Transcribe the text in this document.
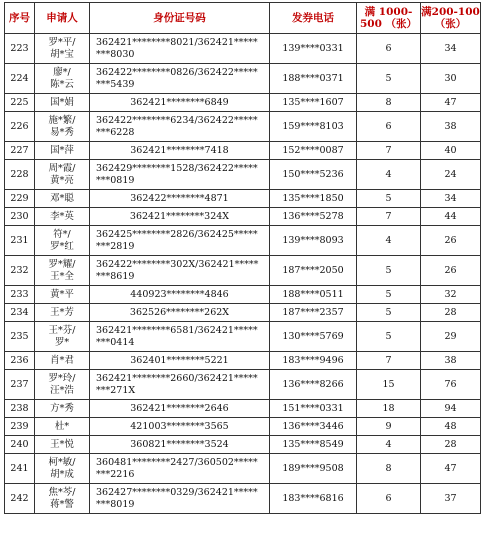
序号	申请人	身份证号码	发券电话	满 1000-500 （张）	满200-100 （张）
223	罗*平/
胡*宝	362421********8021/362421*****
***8030	139****0331	6	34
224	廖*/
陈*云	362422********0826/362422*****
***5439	188****0371	5	30
225	国*娟	362421********6849	135****1607	8	47
226	施*繁/
易*秀	362422********6234/362422*****
***6228	159****8103	6	38
227	国*萍	362421********7418	152****0087	7	40
228	周*霞/
黄*亮	362429********1528/362422*****
***0819	150****5236	4	24
229	邓*聪	362422********4871	135****1850	5	34
230	李*英	362421********324X	136****5278	7	44
231	符*/
罗*红	362425********2826/362425*****
***2819	139****8093	4	26
232	罗*耀/
王*全	362422********302X/362421*****
***8619	187****2050	5	26
233	黄*平	440923********4846	188****0511	5	32
234	王*芳	362526********262X	187****2357	5	28
235	王*芬/
罗*	362421********6581/362421*****
***0414	130****5769	5	29
236	肖*君	362401********5221	183****9496	7	38
237	罗*玲/
汪*浩	362421********2660/362421*****
***271X	136****8266	15	76
238	方*秀	362421********2646	151****0331	18	94
239	杜*	421003********3565	136****3446	9	48
240	王*悦	360821********3524	135****8549	4	28
241	柯*敏/
胡*成	360481********2427/360502*****
***2216	189****9508	8	47
242	焦*芩/
蒋*警	362427********0329/362421*****
***8019	183****6816	6	37
